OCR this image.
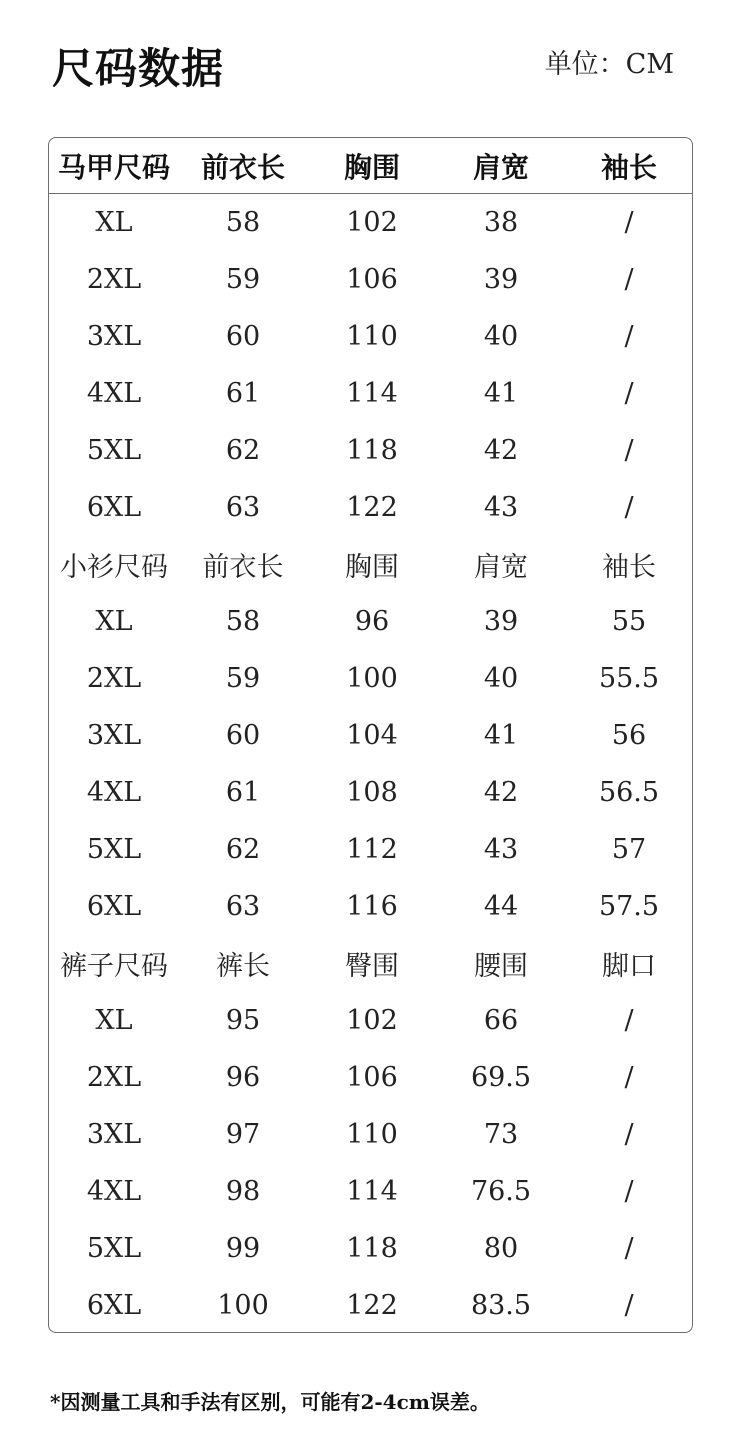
尺码数据	单位：CM
马甲尺码	前衣长	胸围	肩宽	袖长
XL	58	102	38	/
2XL	59	106	39	/
3XL	60	110	40	/
4XL	61	114	41	/
5XL	62	118	42	/
6XL	63	122	43	/
小衫尺码	前衣长	胸围	肩宽	袖长
XL	58	96	39	55
2XL	59	100	40	55.5
3XL	60	104	41	56
4XL	61	108	42	56.5
5XL	62	112	43	57
6XL	63	116	44	57.5
裤子尺码	裤长	臀围	腰围	脚口
XL	95	102	66	/
2XL	96	106	69.5	/
3XL	97	110	73	/
4XL	98	114	76.5	/
5XL	99	118	80	/
6XL	100	122	83.5	/
*因测量工具和手法有区别，可能有2-4cm误差。
